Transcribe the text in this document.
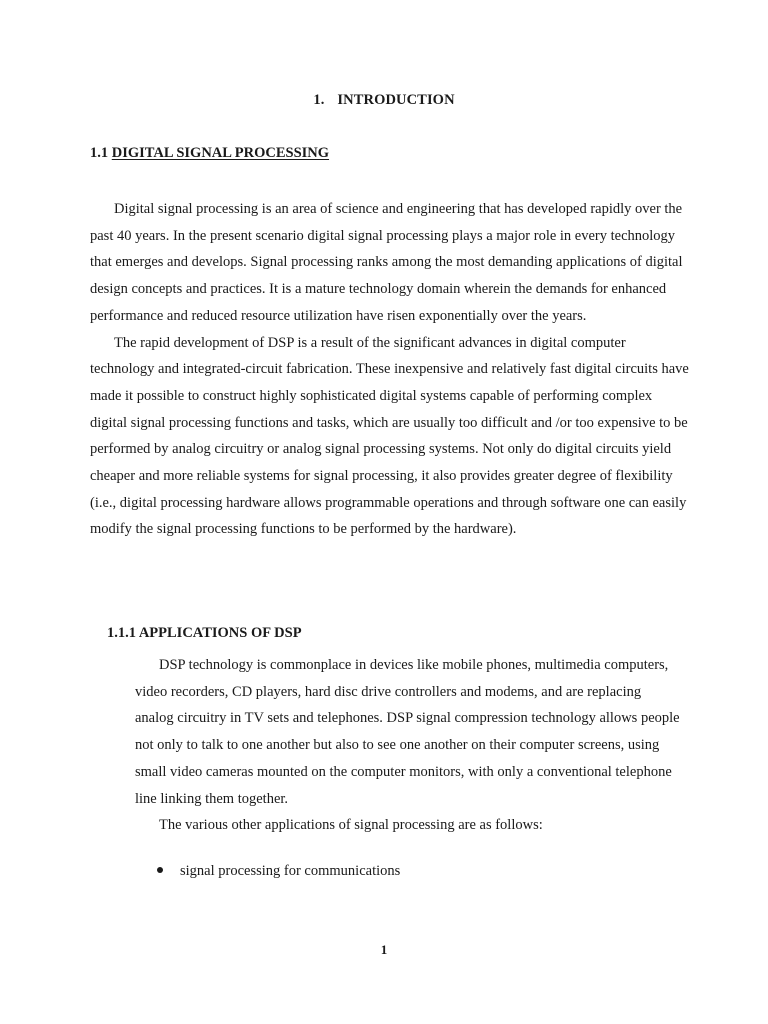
1. INTRODUCTION
1.1 DIGITAL SIGNAL PROCESSING

Digital signal processing is an area of science and engineering that has developed rapidly over the past 40 years. In the present scenario digital signal processing plays a major role in every technology that emerges and develops. Signal processing ranks among the most demanding applications of digital design concepts and practices. It is a mature technology domain wherein the demands for enhanced performance and reduced resource utilization have risen exponentially over the years.

The rapid development of DSP is a result of the significant advances in digital computer technology and integrated-circuit fabrication. These inexpensive and relatively fast digital circuits have made it possible to construct highly sophisticated digital systems capable of performing complex digital signal processing functions and tasks, which are usually too difficult and /or too expensive to be performed by analog circuitry or analog signal processing systems. Not only do digital circuits yield cheaper and more reliable systems for signal processing, it also provides greater degree of flexibility (i.e., digital processing hardware allows programmable operations and through software one can easily modify the signal processing functions to be performed by the hardware).

1.1.1 APPLICATIONS OF DSP

DSP technology is commonplace in devices like mobile phones, multimedia computers, video recorders, CD players, hard disc drive controllers and modems, and are replacing analog circuitry in TV sets and telephones. DSP signal compression technology allows people not only to talk to one another but also to see one another on their computer screens, using small video cameras mounted on the computer monitors, with only a conventional telephone line linking them together.

The various other applications of signal processing are as follows:

signal processing for communications
1
